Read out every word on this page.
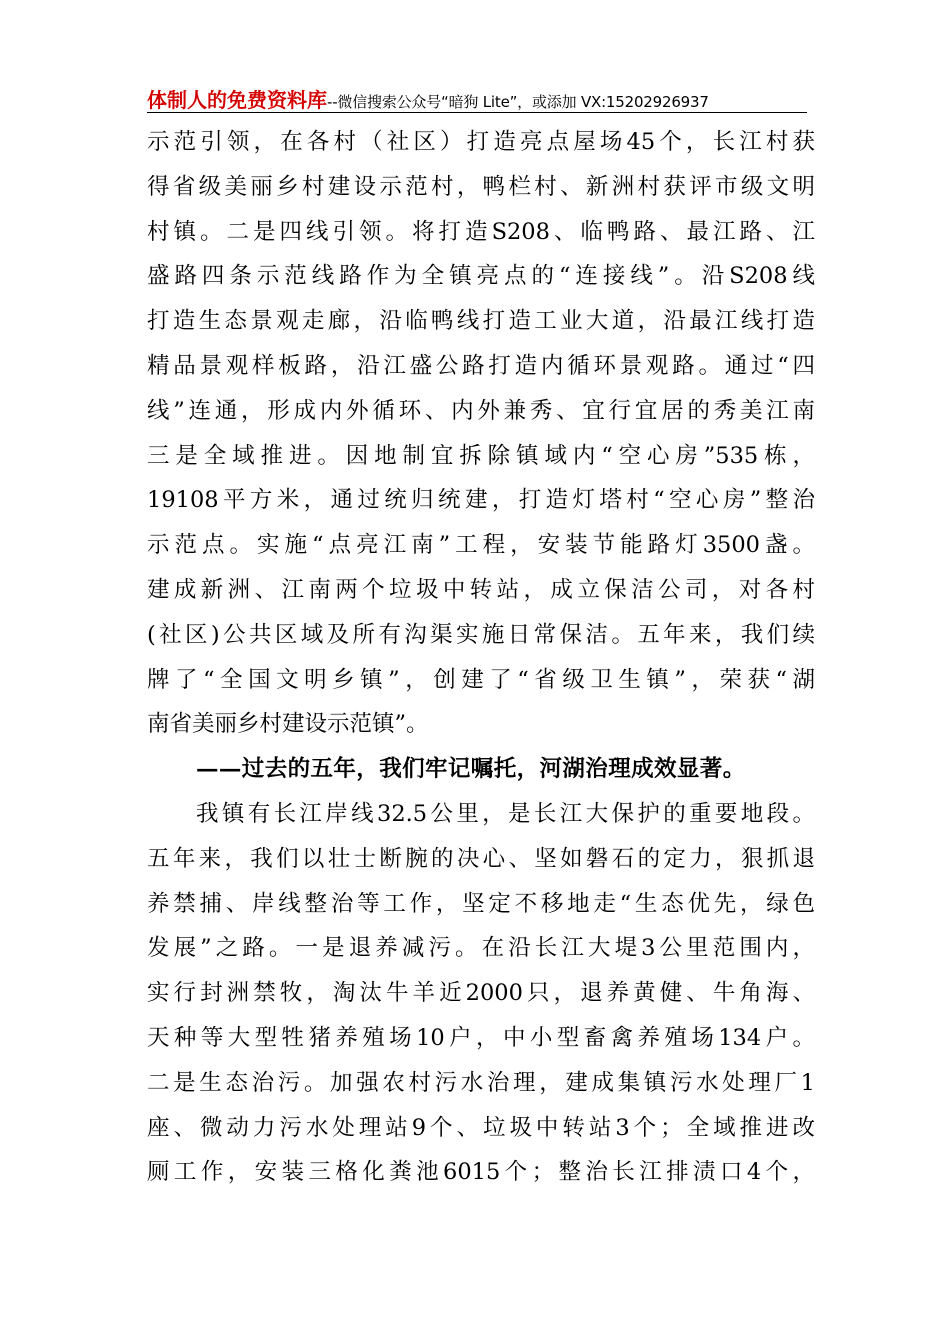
体制人的免费资料库--微信搜索公众号“暗狗 Lite”，或添加 VX:15202926937
示范引领，在各村（社区）打造亮点屋场45个，长江村获
得省级美丽乡村建设示范村，鸭栏村、新洲村获评市级文明
村镇。二是四线引领。将打造S208、临鸭路、最江路、江
盛路四条示范线路作为全镇亮点的“连接线”。沿S208线
打造生态景观走廊，沿临鸭线打造工业大道，沿最江线打造
精品景观样板路，沿江盛公路打造内循环景观路。通过“四
线”连通，形成内外循环、内外兼秀、宜行宜居的秀美江南
三是全域推进。因地制宜拆除镇域内“空心房”535栋，
19108平方米，通过统归统建，打造灯塔村“空心房”整治
示范点。实施“点亮江南”工程，安装节能路灯3500盏。
建成新洲、江南两个垃圾中转站，成立保洁公司，对各村
(社区)公共区域及所有沟渠实施日常保洁。五年来，我们续
牌了“全国文明乡镇”，创建了“省级卫生镇”，荣获“湖
南省美丽乡村建设示范镇”。
——过去的五年，我们牢记嘱托，河湖治理成效显著。
我镇有长江岸线32.5公里，是长江大保护的重要地段。
五年来，我们以壮士断腕的决心、坚如磐石的定力，狠抓退
养禁捕、岸线整治等工作，坚定不移地走“生态优先，绿色
发展”之路。一是退养减污。在沿长江大堤3公里范围内，
实行封洲禁牧，淘汰牛羊近2000只，退养黄健、牛角海、
天种等大型牲猪养殖场10户，中小型畜禽养殖场134户。
二是生态治污。加强农村污水治理，建成集镇污水处理厂1
座、微动力污水处理站9个、垃圾中转站3个；全域推进改
厕工作，安装三格化粪池6015个；整治长江排渍口4个，
